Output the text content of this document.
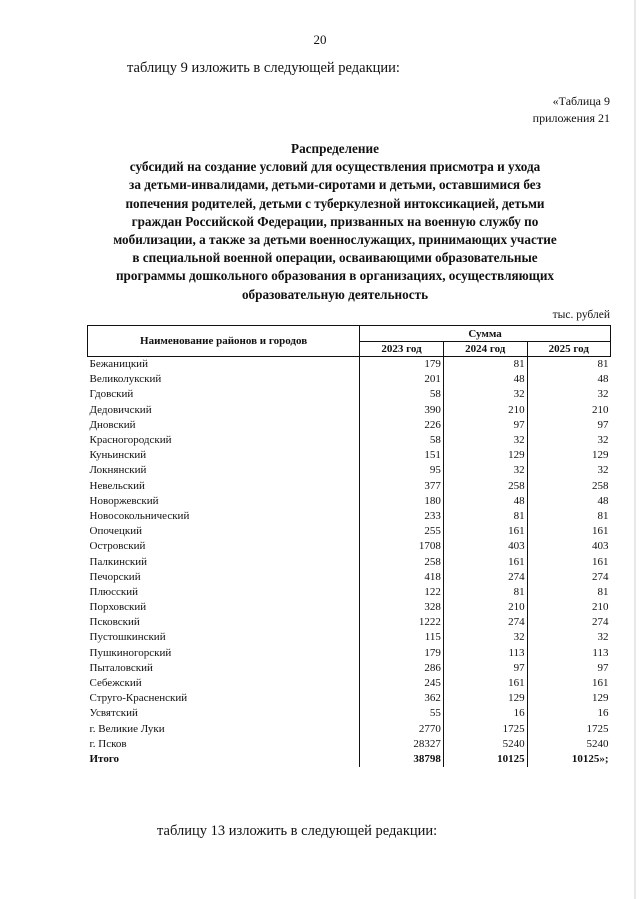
20
таблицу 9 изложить в следующей редакции:
«Таблица 9
приложения 21
Распределение
субсидий на создание условий для осуществления присмотра и ухода
за детьми-инвалидами, детьми-сиротами и детьми, оставшимися без
попечения родителей, детьми с туберкулезной интоксикацией, детьми
граждан Российской Федерации, призванных на военную службу по
мобилизации, а также за детьми военнослужащих, принимающих участие
в специальной военной операции, осваивающими образовательные
программы дошкольного образования в организациях, осуществляющих
образовательную деятельность
тыс. рублей
Наименование районов и городов	Сумма		
	2023 год	2024 год	2025 год
Бежаницкий	179	81	81
Великолукский	201	48	48
Гдовский	58	32	32
Дедовичский	390	210	210
Дновский	226	97	97
Красногородский	58	32	32
Куньинский	151	129	129
Локнянский	95	32	32
Невельский	377	258	258
Новоржевский	180	48	48
Новосокольнический	233	81	81
Опочецкий	255	161	161
Островский	1708	403	403
Палкинский	258	161	161
Печорский	418	274	274
Плюсский	122	81	81
Порховский	328	210	210
Псковский	1222	274	274
Пустошкинский	115	32	32
Пушкиногорский	179	113	113
Пыталовский	286	97	97
Себежский	245	161	161
Струго-Красненский	362	129	129
Усвятский	55	16	16
г. Великие Луки	2770	1725	1725
г. Псков	28327	5240	5240
Итого	38798	10125	10125»;
таблицу 13 изложить в следующей редакции:
